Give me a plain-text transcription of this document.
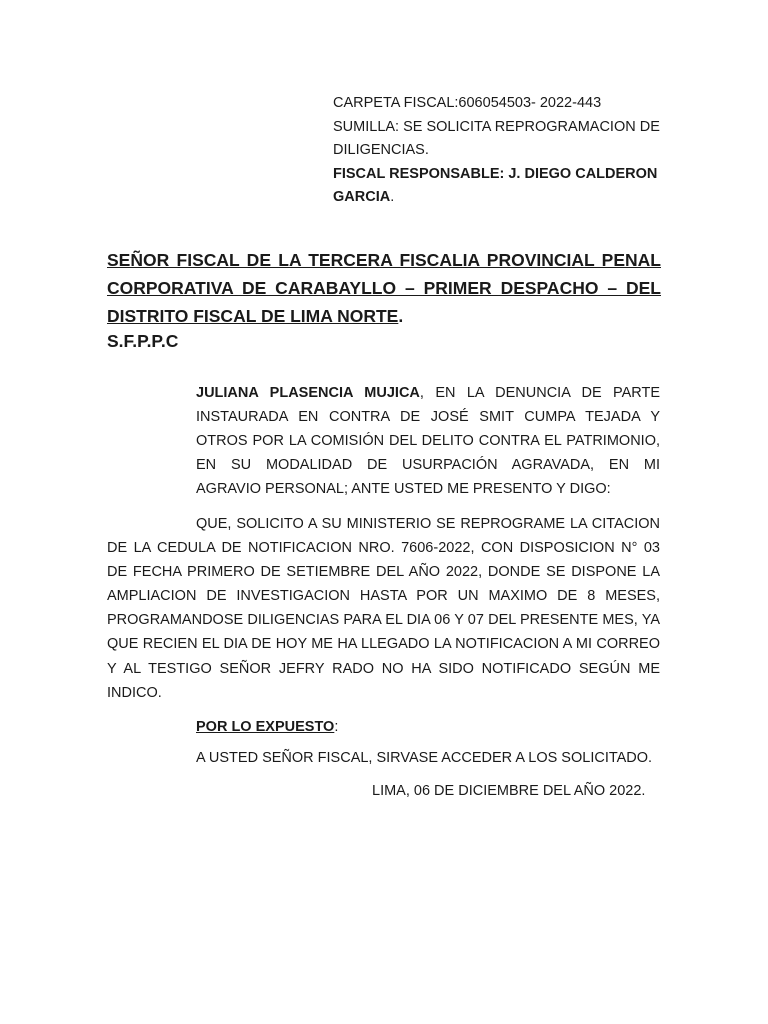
CARPETA FISCAL:606054503- 2022-443
SUMILLA: SE SOLICITA REPROGRAMACION DE
DILIGENCIAS.
FISCAL RESPONSABLE: J. DIEGO CALDERON
GARCIA.
SEÑOR FISCAL DE LA TERCERA FISCALIA PROVINCIAL PENAL
CORPORATIVA DE CARABAYLLO – PRIMER DESPACHO – DEL
DISTRITO FISCAL DE LIMA NORTE.
S.F.P.P.C
JULIANA PLASENCIA MUJICA, EN LA DENUNCIA DE PARTE
INSTAURADA EN CONTRA DE JOSÉ SMIT CUMPA TEJADA Y
OTROS POR LA COMISIÓN DEL DELITO CONTRA EL PATRIMONIO,
EN SU MODALIDAD DE USURPACIÓN AGRAVADA, EN MI
AGRAVIO PERSONAL; ANTE USTED ME PRESENTO Y DIGO:
QUE, SOLICITO A SU MINISTERIO SE REPROGRAME LA CITACION
DE LA CEDULA DE NOTIFICACION NRO. 7606-2022, CON DISPOSICION N° 03
DE FECHA PRIMERO DE SETIEMBRE DEL AÑO 2022, DONDE SE DISPONE LA
AMPLIACION DE INVESTIGACION HASTA POR UN MAXIMO DE 8 MESES,
PROGRAMANDOSE DILIGENCIAS PARA EL DIA 06 Y 07 DEL PRESENTE MES, YA
QUE RECIEN EL DIA DE HOY ME HA LLEGADO LA NOTIFICACION A MI CORREO
Y AL TESTIGO SEÑOR JEFRY RADO NO HA SIDO NOTIFICADO SEGÚN ME
INDICO.
POR LO EXPUESTO:
A USTED SEÑOR FISCAL, SIRVASE ACCEDER A LOS SOLICITADO.
LIMA, 06 DE DICIEMBRE DEL AÑO 2022.
